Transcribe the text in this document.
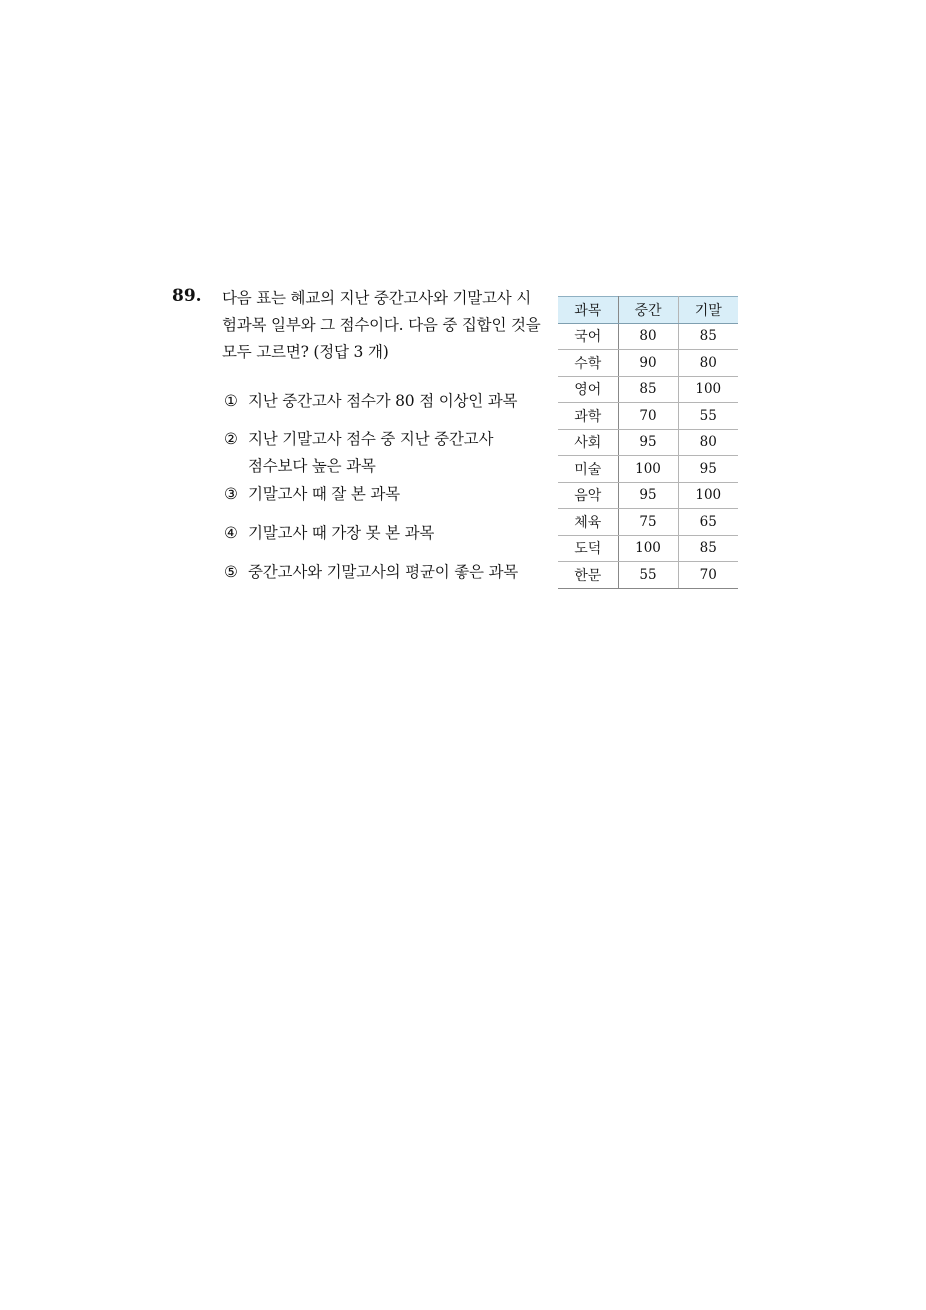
89. 다음 표는 혜교의 지난 중간고사와 기말고사 시
험과목 일부와 그 점수이다. 다음 중 집합인 것을
모두 고르면? (정답 3 개)
① 지난 중간고사 점수가 80 점 이상인 과목
② 지난 기말고사 점수 중 지난 중간고사
점수보다 높은 과목
③ 기말고사 때 잘 본 과목
④ 기말고사 때 가장 못 본 과목
⑤ 중간고사와 기말고사의 평균이 좋은 과목
과목	중간	기말
국어	80	85
수학	90	80
영어	85	100
과학	70	55
사회	95	80
미술	100	95
음악	95	100
체육	75	65
도덕	100	85
한문	55	70
